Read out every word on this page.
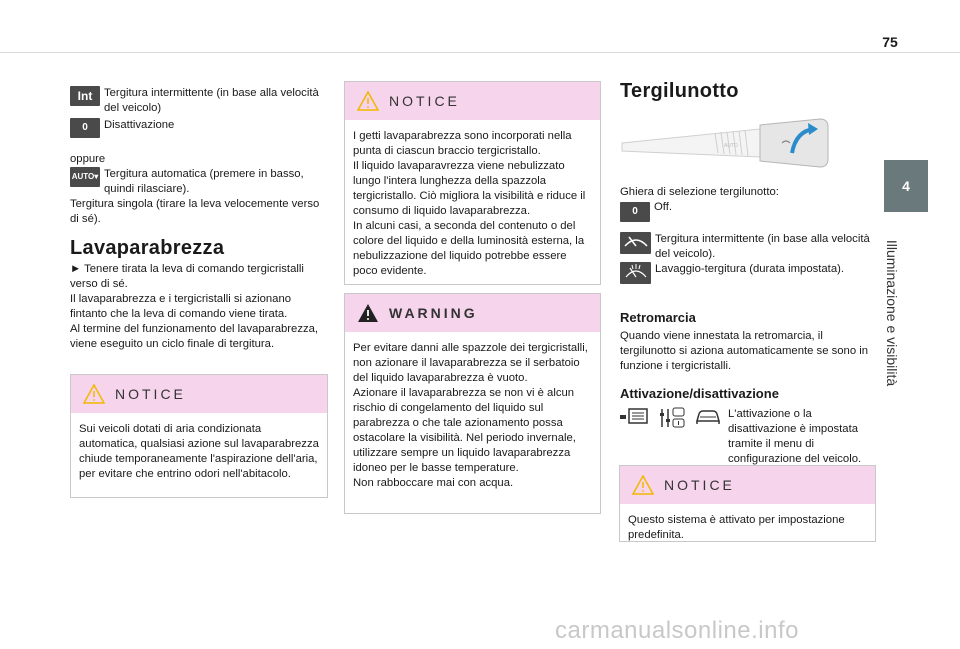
75
4
Illuminazione e visibilità
Int	Tergitura intermittente (in base alla velocità del veicolo)

0	Disattivazione

oppure

AUTO▾ Tergitura automatica (premere in basso, quindi rilasciare).

Tergitura singola (tirare la leva velocemente verso di sé).

Lavaparabrezza

► Tenere tirata la leva di comando tergicristalli verso di sé.

Il lavaparabrezza e i tergicristalli si azionano fintanto che la leva di comando viene tirata.

Al termine del funzionamento del lavaparabrezza, viene eseguito un ciclo finale di tergitura.

NOTICE
Sui veicoli dotati di aria condizionata automatica, qualsiasi azione sul lavaparabrezza chiude temporaneamente l'aspirazione dell'aria, per evitare che entrino odori nell'abitacolo.
NOTICE

I getti lavaparabrezza sono incorporati nella punta di ciascun braccio tergicristallo.

Il liquido lavaparavrezza viene nebulizzato lungo l'intera lunghezza della spazzola tergicristallo. Ciò migliora la visibilità e riduce il consumo di liquido lavaparabrezza.

In alcuni casi, a seconda del contenuto o del colore del liquido e della luminosità esterna, la nebulizzazione del liquido potrebbe essere poco evidente.

WARNING

Per evitare danni alle spazzole dei tergicristalli, non azionare il lavaparabrezza se il serbatoio del liquido lavaparabrezza è vuoto.

Azionare il lavaparabrezza se non vi è alcun rischio di congelamento del liquido sul parabrezza o che tale azionamento possa ostacolare la visibilità. Nel periodo invernale, utilizzare sempre un liquido lavaparabrezza idoneo per le basse temperature.

Non rabboccare mai con acqua.

Tergilunotto
AUTO

Ghiera di selezione tergilunotto:

0	Off.

Tergitura intermittente (in base alla velocità del veicolo).

Lavaggio-tergitura (durata impostata).

Retromarcia

Quando viene innestata la retromarcia, il tergilunotto si aziona automaticamente se sono in funzione i tergicristalli.

Attivazione/disattivazione

L'attivazione o la disattivazione è impostata tramite il menu di configurazione del veicolo.

NOTICE
Questo sistema è attivato per impostazione predefinita.
carmanualsonline.info
